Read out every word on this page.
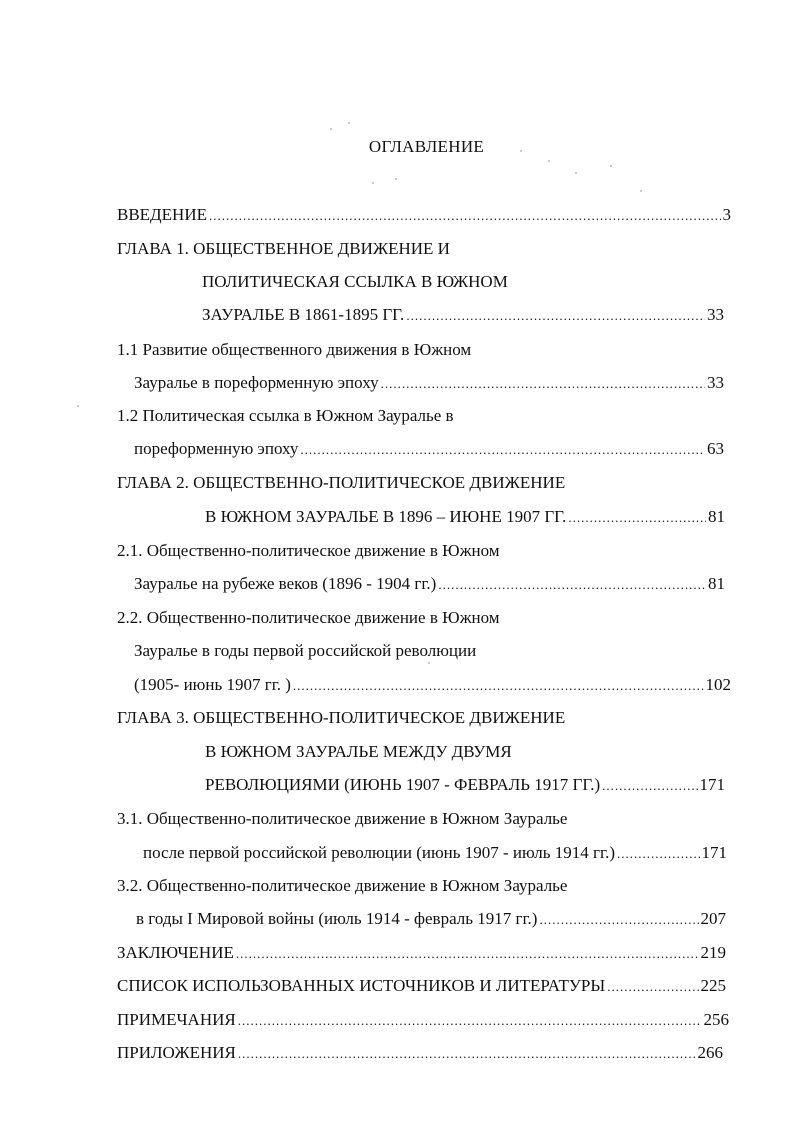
ОГЛАВЛЕНИЕ
ВВЕДЕНИЕ .....	3
ГЛАВА 1. ОБЩЕСТВЕННОЕ ДВИЖЕНИЕ И
ПОЛИТИЧЕСКАЯ ССЫЛКА В ЮЖНОМ
ЗАУРАЛЬЕ В 1861-1895 ГГ. .....	33
1.1 Развитие общественного движения в Южном
Зауралье в пореформенную эпоху .....	33
1.2 Политическая ссылка в Южном Зауралье в
пореформенную эпоху .....	63
ГЛАВА 2. ОБЩЕСТВЕННО-ПОЛИТИЧЕСКОЕ ДВИЖЕНИЕ
В ЮЖНОМ ЗАУРАЛЬЕ В 1896 – ИЮНЕ 1907 ГГ. .....	81
2.1. Общественно-политическое движение в Южном
Зауралье на рубеже веков (1896 - 1904 гг.) .....	81
2.2. Общественно-политическое движение в Южном
Зауралье в годы первой российской революции
(1905- июнь 1907 гг. ) .....	102
ГЛАВА 3. ОБЩЕСТВЕННО-ПОЛИТИЧЕСКОЕ ДВИЖЕНИЕ
В ЮЖНОМ ЗАУРАЛЬЕ МЕЖДУ ДВУМЯ
РЕВОЛЮЦИЯМИ (ИЮНЬ 1907 - ФЕВРАЛЬ 1917 ГГ.) .....	171
3.1. Общественно-политическое движение в Южном Зауралье
после первой российской революции (июнь 1907 - июль 1914 гг.) .....	171
3.2. Общественно-политическое движение в Южном Зауралье
в годы I Мировой войны (июль 1914 - февраль 1917 гг.) .....	207
ЗАКЛЮЧЕНИЕ .....	219
СПИСОК ИСПОЛЬЗОВАННЫХ ИСТОЧНИКОВ И ЛИТЕРАТУРЫ .....	225
ПРИМЕЧАНИЯ .....	256
ПРИЛОЖЕНИЯ .....	266
